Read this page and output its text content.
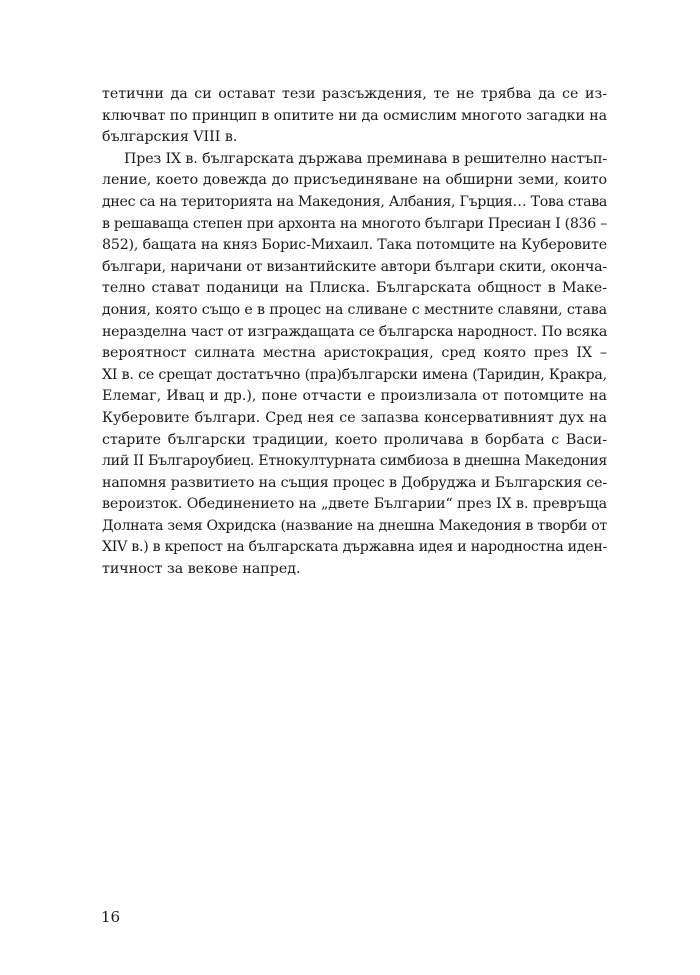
тетични да си остават тези разсъждения, те не трябва да се из-
ключват по принцип в опитите ни да осмислим многото загадки на
българския VIII в.
През IX в. българската държава преминава в решително настъп-
ление, което довежда до присъединяване на обширни земи, които
днес са на територията на Македония, Албания, Гърция… Това става
в решаваща степен при архонта на многото българи Пресиан I (836 –
852), бащата на княз Борис-Михаил. Така потомците на Куберовите
българи, наричани от византийските автори българи скити, оконча-
телно стават поданици на Плиска. Българската общност в Маке-
дония, която също е в процес на сливане с местните славяни, става
неразделна част от изграждащата се българска народност. По всяка
вероятност силната местна аристокрация, сред която през IX –
XI в. се срещат достатъчно (пра)български имена (Таридин, Кракра,
Елемаг, Ивац и др.), поне отчасти е произлизала от потомците на
Куберовите българи. Сред нея се запазва консервативният дух на
старите български традиции, което проличава в борбата с Васи-
лий II Българоубиец. Етнокултурната симбиоза в днешна Македония
напомня развитието на същия процес в Добруджа и Българския се-
вероизток. Обединението на „двете Българии“ през IX в. превръща
Долната земя Охридска (название на днешна Македония в творби от
XIV в.) в крепост на българската държавна идея и народностна иден-
тичност за векове напред.
16
